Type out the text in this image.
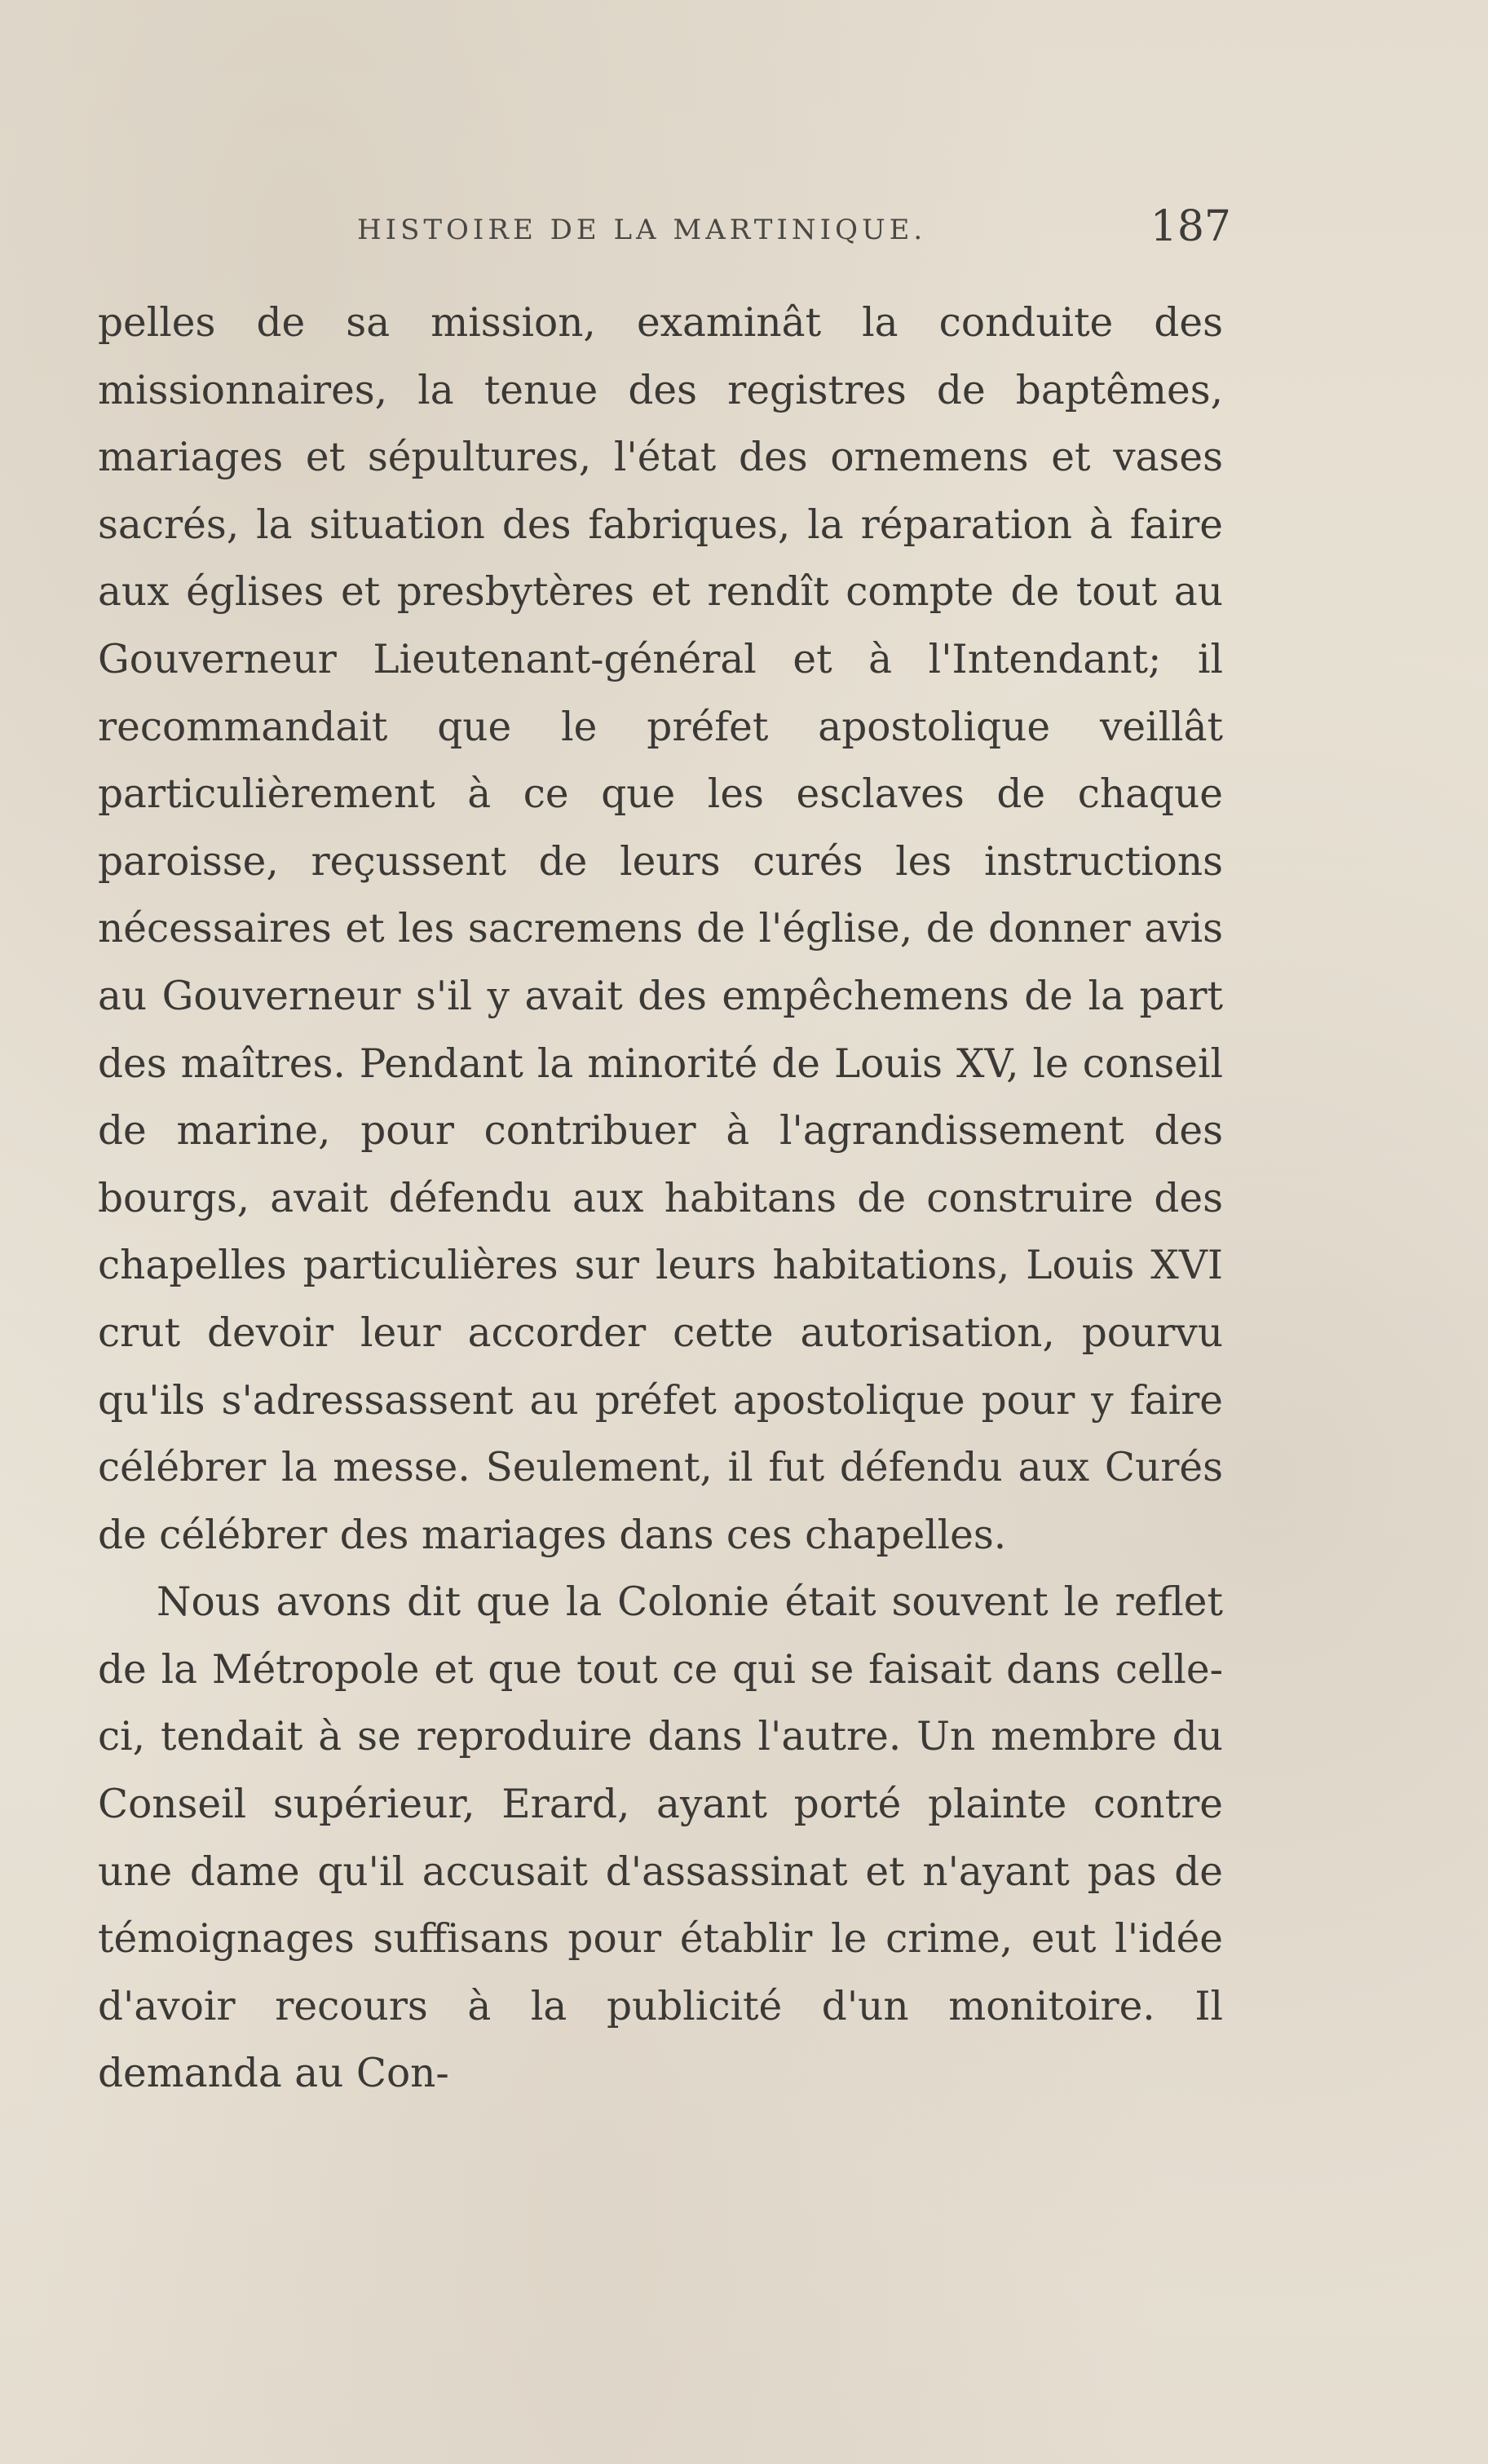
HISTOIRE DE LA MARTINIQUE.	187

pelles de sa mission, examinât la conduite des missionnaires, la tenue des registres de baptêmes, mariages et sépultures, l'état des ornemens et vases sacrés, la situation des fabriques, la réparation à faire aux églises et presbytères et rendît compte de tout au Gouverneur Lieutenant-général et à l'Intendant; il recommandait que le préfet apostolique veillât particulièrement à ce que les esclaves de chaque paroisse, reçussent de leurs curés les instructions nécessaires et les sacremens de l'église, de donner avis au Gouverneur s'il y avait des empêchemens de la part des maîtres. Pendant la minorité de Louis XV, le conseil de marine, pour contribuer à l'agrandissement des bourgs, avait défendu aux habitans de construire des chapelles particulières sur leurs habitations, Louis XVI crut devoir leur accorder cette autorisation, pourvu qu'ils s'adressassent au préfet apostolique pour y faire célébrer la messe. Seulement, il fut défendu aux Curés de célébrer des mariages dans ces chapelles.

Nous avons dit que la Colonie était souvent le reflet de la Métropole et que tout ce qui se faisait dans celle-ci, tendait à se reproduire dans l'autre. Un membre du Conseil supérieur, Erard, ayant porté plainte contre une dame qu'il accusait d'assassinat et n'ayant pas de témoignages suffisans pour établir le crime, eut l'idée d'avoir recours à la publicité d'un monitoire. Il demanda au Con-
